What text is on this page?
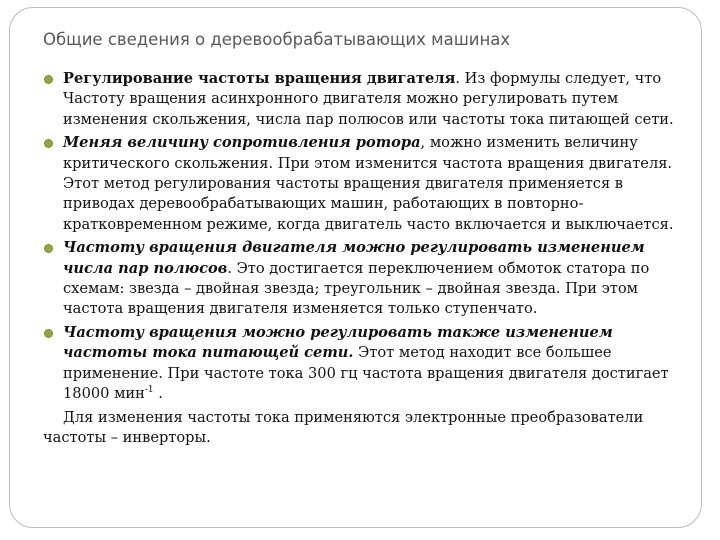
Общие сведения о деревообрабатывающих машинах

Регулирование частоты вращения двигателя. Из формулы следует, что Частоту вращения асинхронного двигателя можно регулировать путем изменения скольжения, числа пар полюсов или частоты тока питающей сети.

Меняя величину сопротивления ротора, можно изменить величину критического скольжения. При этом изменится частота вращения двигателя. Этот метод регулирования частоты вращения двигателя применяется в приводах деревообрабатывающих машин, работающих в повторно-кратковременном режиме, когда двигатель часто включается и выключается.

Частоту вращения двигателя можно регулировать изменением числа пар полюсов. Это достигается переключением обмоток статора по схемам: звезда – двойная звезда; треугольник – двойная звезда. При этом частота вращения двигателя изменяется только ступенчато.

Частоту вращения можно регулировать также изменением частоты тока питающей сети. Этот метод находит все большее применение. При частоте тока 300 гц частота вращения двигателя достигает 18000 мин$^{-1}$ .

Для изменения частоты тока применяются электронные преобразователи частоты – инверторы.
